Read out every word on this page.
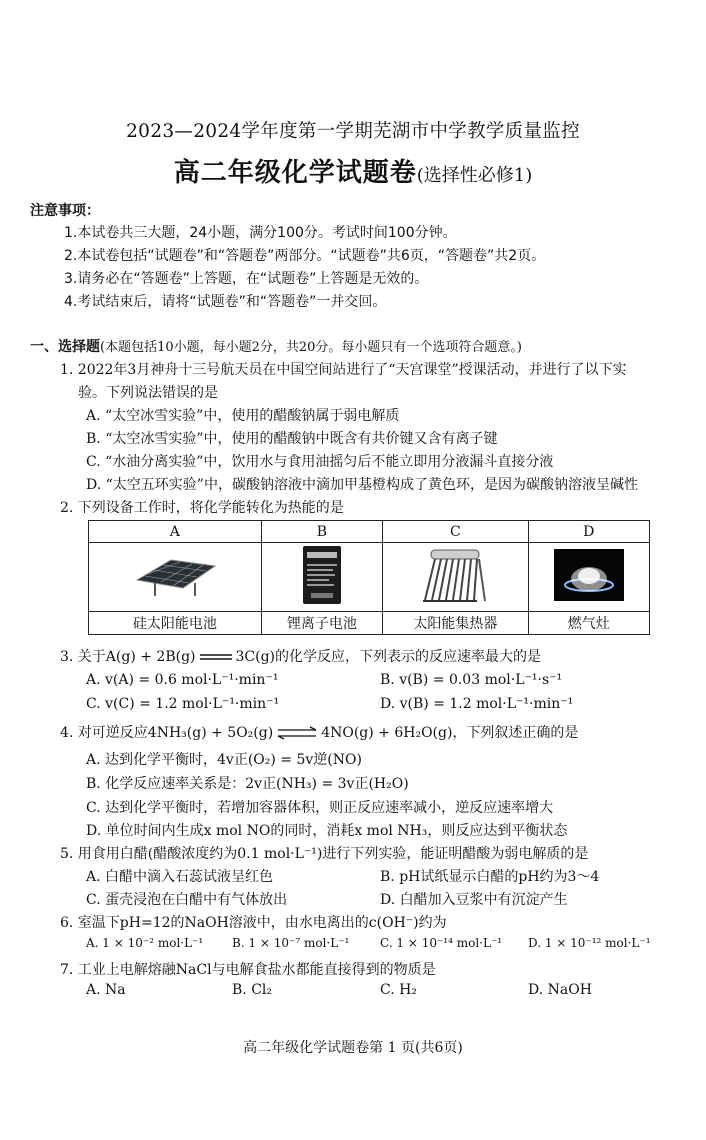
2023—2024学年度第一学期芜湖市中学教学质量监控
高二年级化学试题卷(选择性必修1)
注意事项：
1.本试卷共三大题，24小题，满分100分。考试时间100分钟。
2.本试卷包括“试题卷”和“答题卷”两部分。“试题卷”共6页，“答题卷”共2页。
3.请务必在“答题卷”上答题，在“试题卷”上答题是无效的。
4.考试结束后，请将“试题卷”和“答题卷”一并交回。
一、选择题(本题包括10小题，每小题2分，共20分。每小题只有一个选项符合题意。)
1. 2022年3月神舟十三号航天员在中国空间站进行了“天宫课堂”授课活动，并进行了以下实
验。下列说法错误的是
A. “太空冰雪实验”中，使用的醋酸钠属于弱电解质
B. “太空冰雪实验”中，使用的醋酸钠中既含有共价键又含有离子键
C. “水油分离实验”中，饮用水与食用油摇匀后不能立即用分液漏斗直接分液
D. “太空五环实验”中，碳酸钠溶液中滴加甲基橙构成了黄色环，是因为碳酸钠溶液呈碱性
2. 下列设备工作时，将化学能转化为热能的是
A	B	C	D

硅太阳能电池	锂离子电池	太阳能集热器	燃气灶
3. 关于A(g) + 2B(g)	3C(g)的化学反应，下列表示的反应速率最大的是
A. v(A) = 0.6 mol·L⁻¹·min⁻¹	B. v(B) = 0.03 mol·L⁻¹·s⁻¹
C. v(C) = 1.2 mol·L⁻¹·min⁻¹	D. v(B) = 1.2 mol·L⁻¹·min⁻¹
4. 对可逆反应4NH₃(g) + 5O₂(g) ⇌ 4NO(g) + 6H₂O(g)，下列叙述正确的是
A. 达到化学平衡时，4v正(O₂) = 5v逆(NO)
B. 化学反应速率关系是：2v正(NH₃) = 3v正(H₂O)
C. 达到化学平衡时，若增加容器体积，则正反应速率减小，逆反应速率增大
D. 单位时间内生成x mol NO的同时，消耗x mol NH₃，则反应达到平衡状态
5. 用食用白醋(醋酸浓度约为0.1 mol·L⁻¹)进行下列实验，能证明醋酸为弱电解质的是
A. 白醋中滴入石蕊试液呈红色	B. pH试纸显示白醋的pH约为3～4
C. 蛋壳浸泡在白醋中有气体放出	D. 白醋加入豆浆中有沉淀产生
6. 室温下pH=12的NaOH溶液中，由水电离出的c(OH⁻)约为
A. 1 × 10⁻² mol·L⁻¹ B. 1 × 10⁻⁷ mol·L⁻¹	C. 1 × 10⁻¹⁴ mol·L⁻¹ D. 1 × 10⁻¹² mol·L⁻¹
7. 工业上电解熔融NaCl与电解食盐水都能直接得到的物质是
A. Na	B. Cl₂	C. H₂	D. NaOH
高二年级化学试题卷第 1 页(共6页)
